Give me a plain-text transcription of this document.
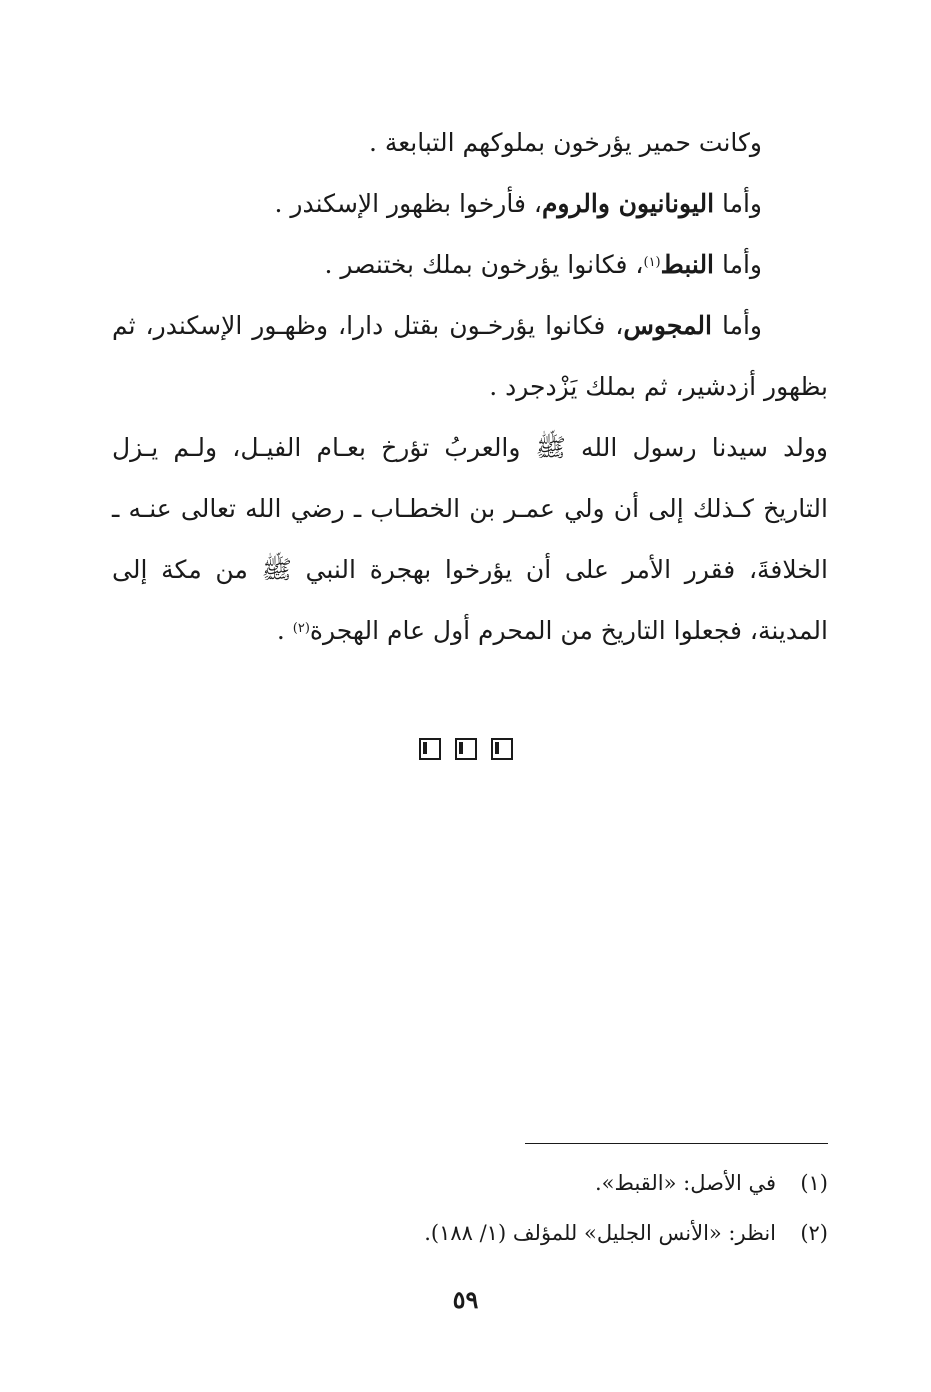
وكانت حمير يؤرخون بملوكهم التبابعة .

وأما اليونانيون والروم، فأرخوا بظهور الإسكندر .

وأما النبط$^{(١)}$، فكانوا يؤرخون بملك بختنصر .

وأما المجوس، فكانوا يؤرخـون بقتل دارا، وظهـور الإسكندر، ثم بظهور أزدشير، ثم بملك يَزْدجرد .

وولد سيدنا رسول الله ﷺ والعربُ تؤرخ بعـام الفيـل، ولـم يـزل التاريخ كـذلك إلى أن ولي عمـر بن الخطـاب ـ رضي الله تعالى عنـه ـ الخلافةَ، فقرر الأمر على أن يؤرخوا بهجرة النبي ﷺ من مكة إلى المدينة، فجعلوا التاريخ من المحرم أول عام الهجرة$^{(٢)}$ .

(١)
في الأصل: «القبط».
(٢)
انظر: «الأنس الجليل» للمؤلف (١/ ١٨٨).
٥٩
